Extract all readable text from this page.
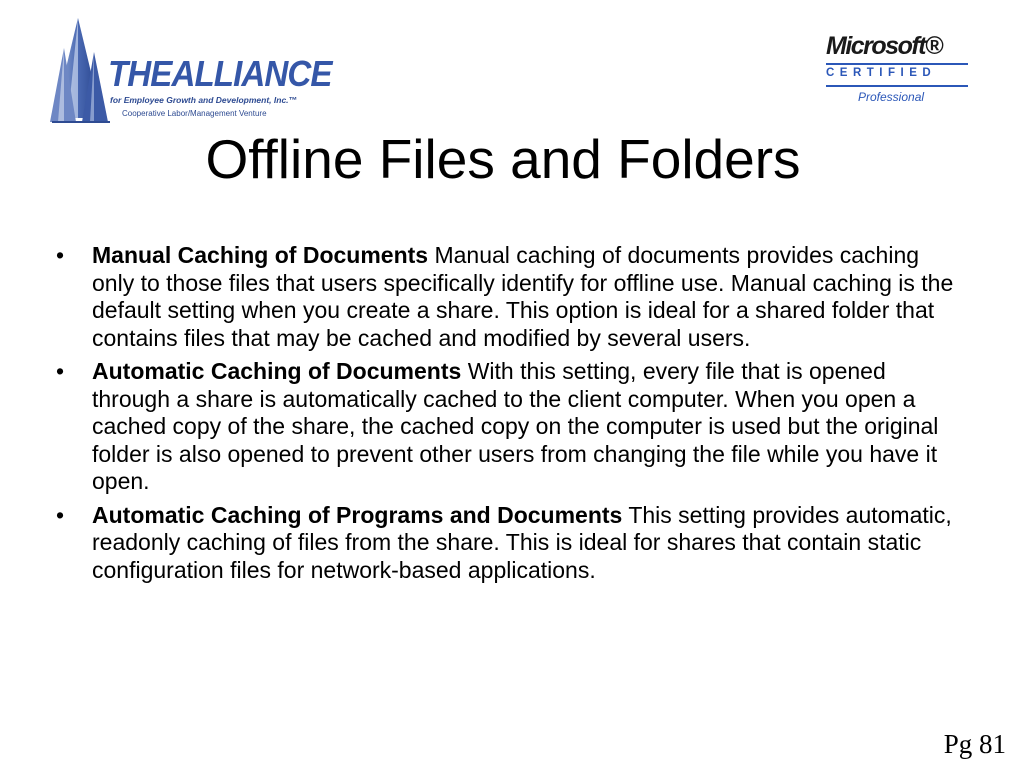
THEALLIANCE
for Employee Growth and Development, Inc.™
Cooperative Labor/Management Venture
Microsoft®
CERTIFIED
Professional
Offline Files and Folders
•	Manual Caching of Documents Manual caching of documents provides caching only to those files that users specifically identify for offline use. Manual caching is the default setting when you create a share. This option is ideal for a shared folder that contains files that may be cached and modified by several users.
•	Automatic Caching of Documents With this setting, every file that is opened through a share is automatically cached to the client computer. When you open a cached copy of the share, the cached copy on the computer is used but the original folder is also opened to prevent other users from changing the file while you have it open.
•	Automatic Caching of Programs and Documents This setting provides automatic, readonly caching of files from the share. This is ideal for shares that contain static configuration files for network-based applications.
Pg 81
